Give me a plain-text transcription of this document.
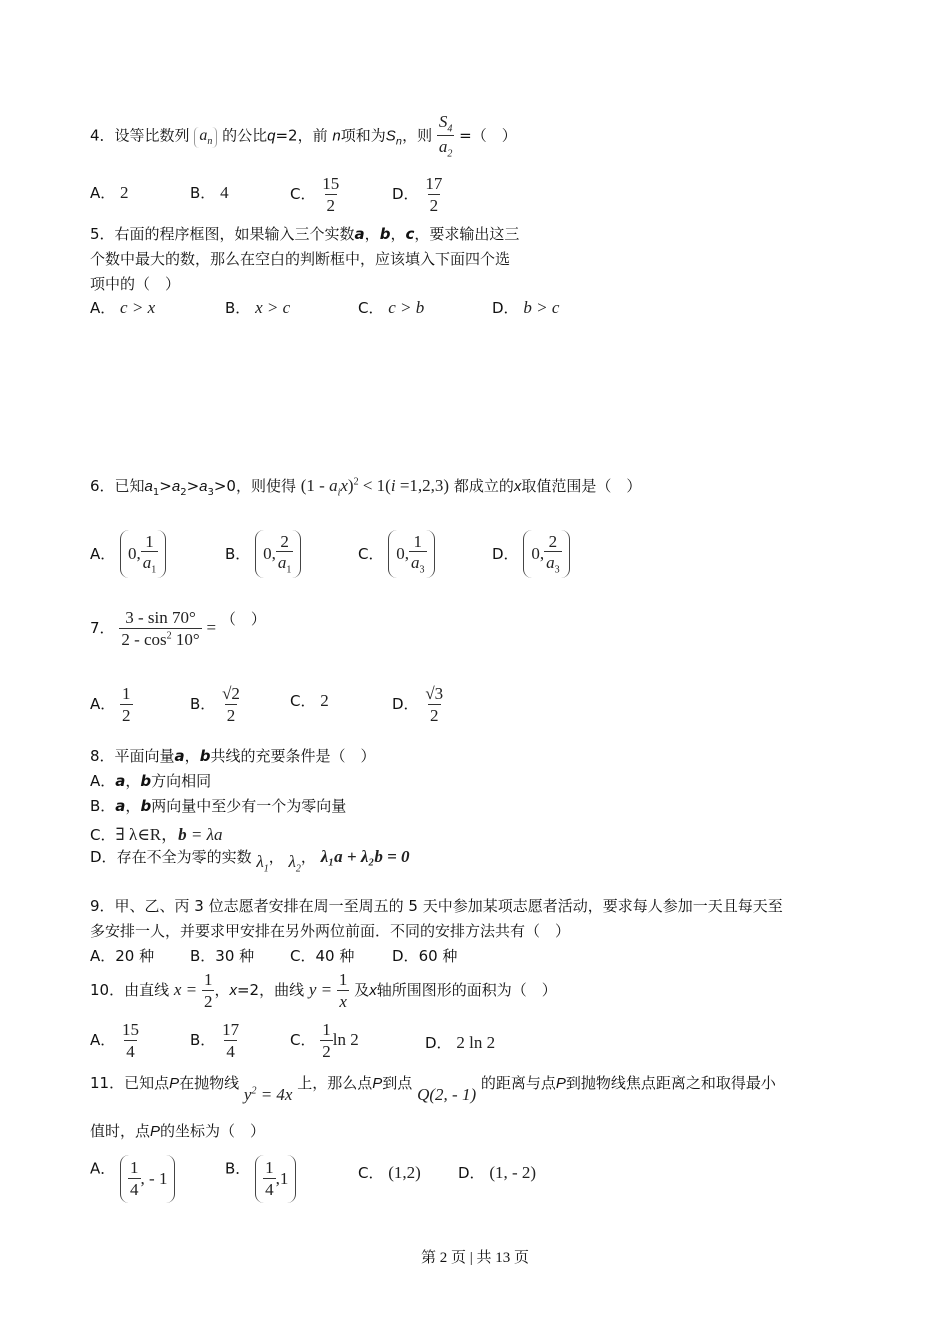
4．设等比数列 $a_n$ 的公比q=2，前 n项和为$S_n$，则 $\frac{S_4}{a_2}$ =（　）
A． 2	B． 4	C． $\frac{15}{2}$	D． $\frac{17}{2}$
5．右面的程序框图，如果输入三个实数a，b，c，要求输出这三
个数中最大的数，那么在空白的判断框中，应该填入下面四个选
项中的（　）
A． c > x	B． x > c	C． c > b	D． b > c
6．已知$a_1>a_2>a_3>0$，则使得 $(1 - a_ix)^2 < 1(i =1,2,3)$ 都成立的x取值范围是（　）
A． 0, $\frac{1}{a_1}$	B． 0, $\frac{2}{a_1}$	C． 0, $\frac{1}{a_3}$	D． 0, $\frac{2}{a_3}$
7． $\frac{3 - \sin 70^\circ}{2 - \cos^2 10^\circ}$ = （　）
A． $\frac{1}{2}$	B． $\frac{√2}{2}$	C． 2	D． $\frac{√3}{2}$
8．平面向量a，b共线的充要条件是（　）
A．a，b方向相同
B．a，b两向量中至少有一个为零向量
C．∃ λ∈R，b = λa
D．存在不全为零的实数 $\lambda_1$， $\lambda_2$， λ₁a + λ₂b = 0
9．甲、乙、丙 3 位志愿者安排在周一至周五的 5 天中参加某项志愿者活动，要求每人参加一天且每天至
多安排一人，并要求甲安排在另外两位前面．不同的安排方法共有（　）
A．20 种 B．30 种 C．40 种	D．60 种
10．由直线 $x = \frac{1}{2}$ ，x=2，曲线 $y = \frac{1}{x}$ 及x轴所围图形的面积为（　）
A． $\frac{15}{4}$	B． $\frac{17}{4}$	C． $\frac{1}{2}$ ln 2	D． 2 ln 2
11．已知点P在抛物线 $y^2 = 4x$ 上，那么点P到点 Q(2, - 1) 的距离与点P到抛物线焦点距离之和取得最小
值时，点P的坐标为（　）
A． $\frac{1}{4}$ , - 1
B． $\frac{1}{4} ,1$	C． (1,2) D． (1, - 2)
第 2 页 | 共 13 页
